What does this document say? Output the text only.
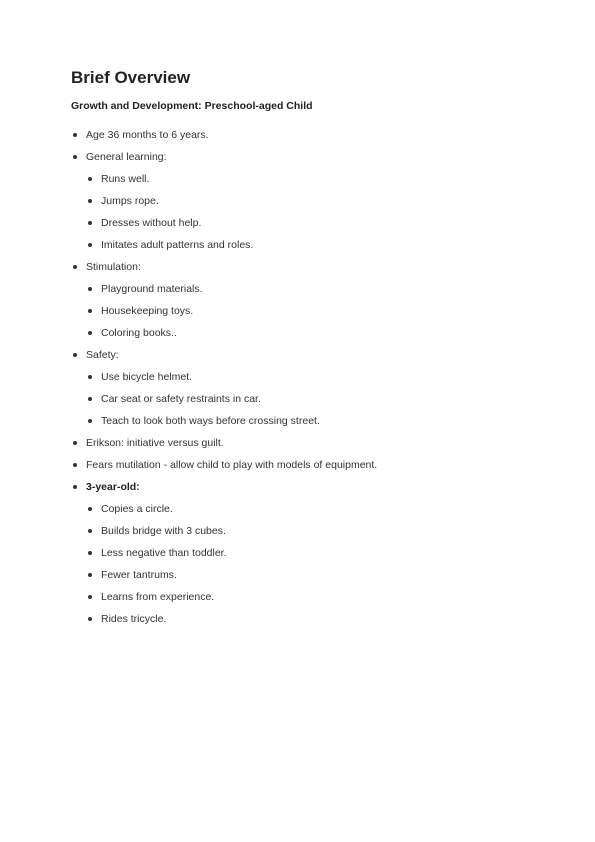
Brief Overview
Growth and Development: Preschool-aged Child
Age 36 months to 6 years.
General learning:
Runs well.
Jumps rope.
Dresses without help.
Imitates adult patterns and roles.
Stimulation:
Playground materials.
Housekeeping toys.
Coloring books..
Safety:
Use bicycle helmet.
Car seat or safety restraints in car.
Teach to look both ways before crossing street.
Erikson: initiative versus guilt.
Fears mutilation - allow child to play with models of equipment.
3-year-old:
Copies a circle.
Builds bridge with 3 cubes.
Less negative than toddler.
Fewer tantrums.
Learns from experience.
Rides tricycle.
